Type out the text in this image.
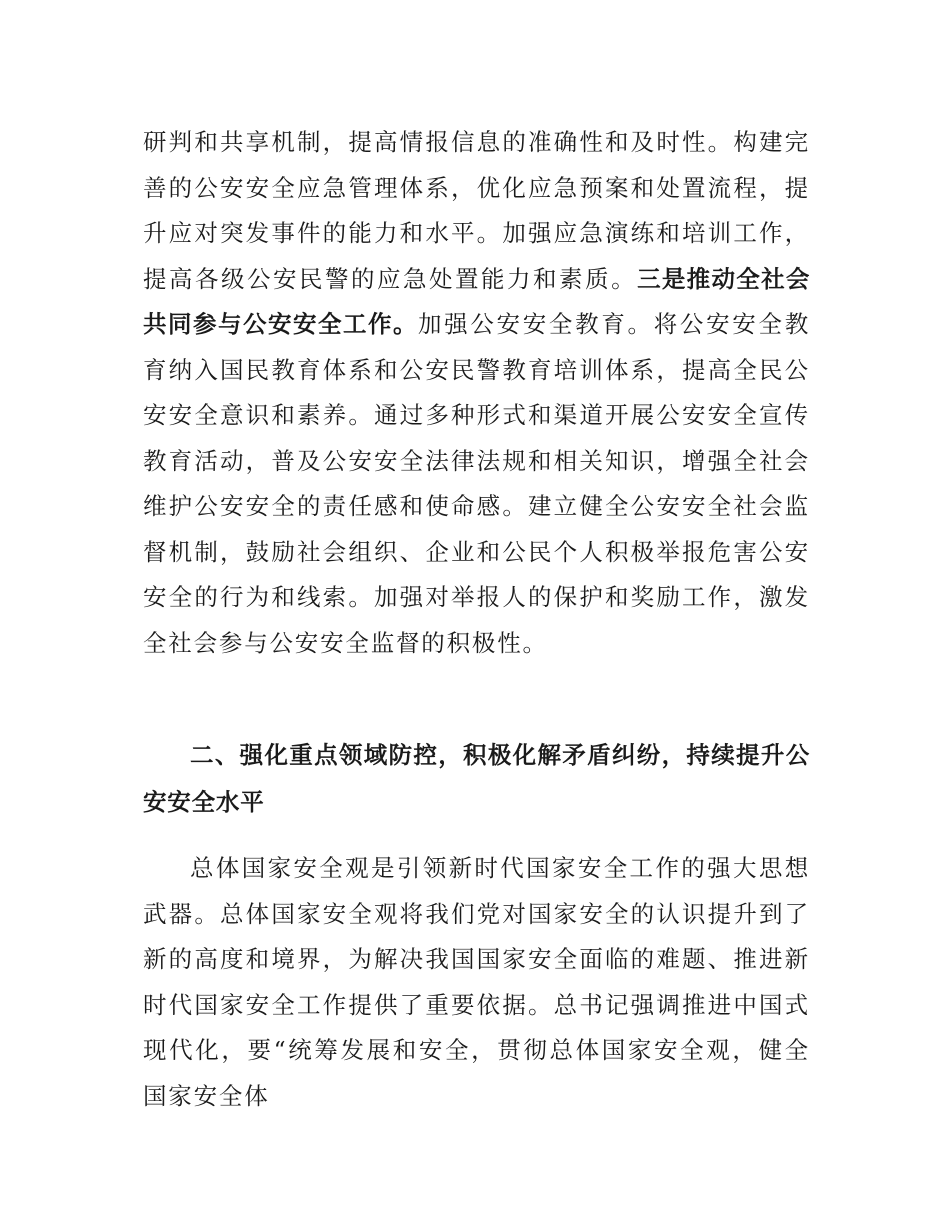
研判和共享机制，提高情报信息的准确性和及时性。构建完善的公安安全应急管理体系，优化应急预案和处置流程，提升应对突发事件的能力和水平。加强应急演练和培训工作，提高各级公安民警的应急处置能力和素质。三是推动全社会共同参与公安安全工作。加强公安安全教育。将公安安全教育纳入国民教育体系和公安民警教育培训体系，提高全民公安安全意识和素养。通过多种形式和渠道开展公安安全宣传教育活动，普及公安安全法律法规和相关知识，增强全社会维护公安安全的责任感和使命感。建立健全公安安全社会监督机制，鼓励社会组织、企业和公民个人积极举报危害公安安全的行为和线索。加强对举报人的保护和奖励工作，激发全社会参与公安安全监督的积极性。

二、强化重点领域防控，积极化解矛盾纠纷，持续提升公安安全水平

总体国家安全观是引领新时代国家安全工作的强大思想武器。总体国家安全观将我们党对国家安全的认识提升到了新的高度和境界，为解决我国国家安全面临的难题、推进新时代国家安全工作提供了重要依据。总书记强调推进中国式现代化，要“统筹发展和安全，贯彻总体国家安全观，健全国家安全体
